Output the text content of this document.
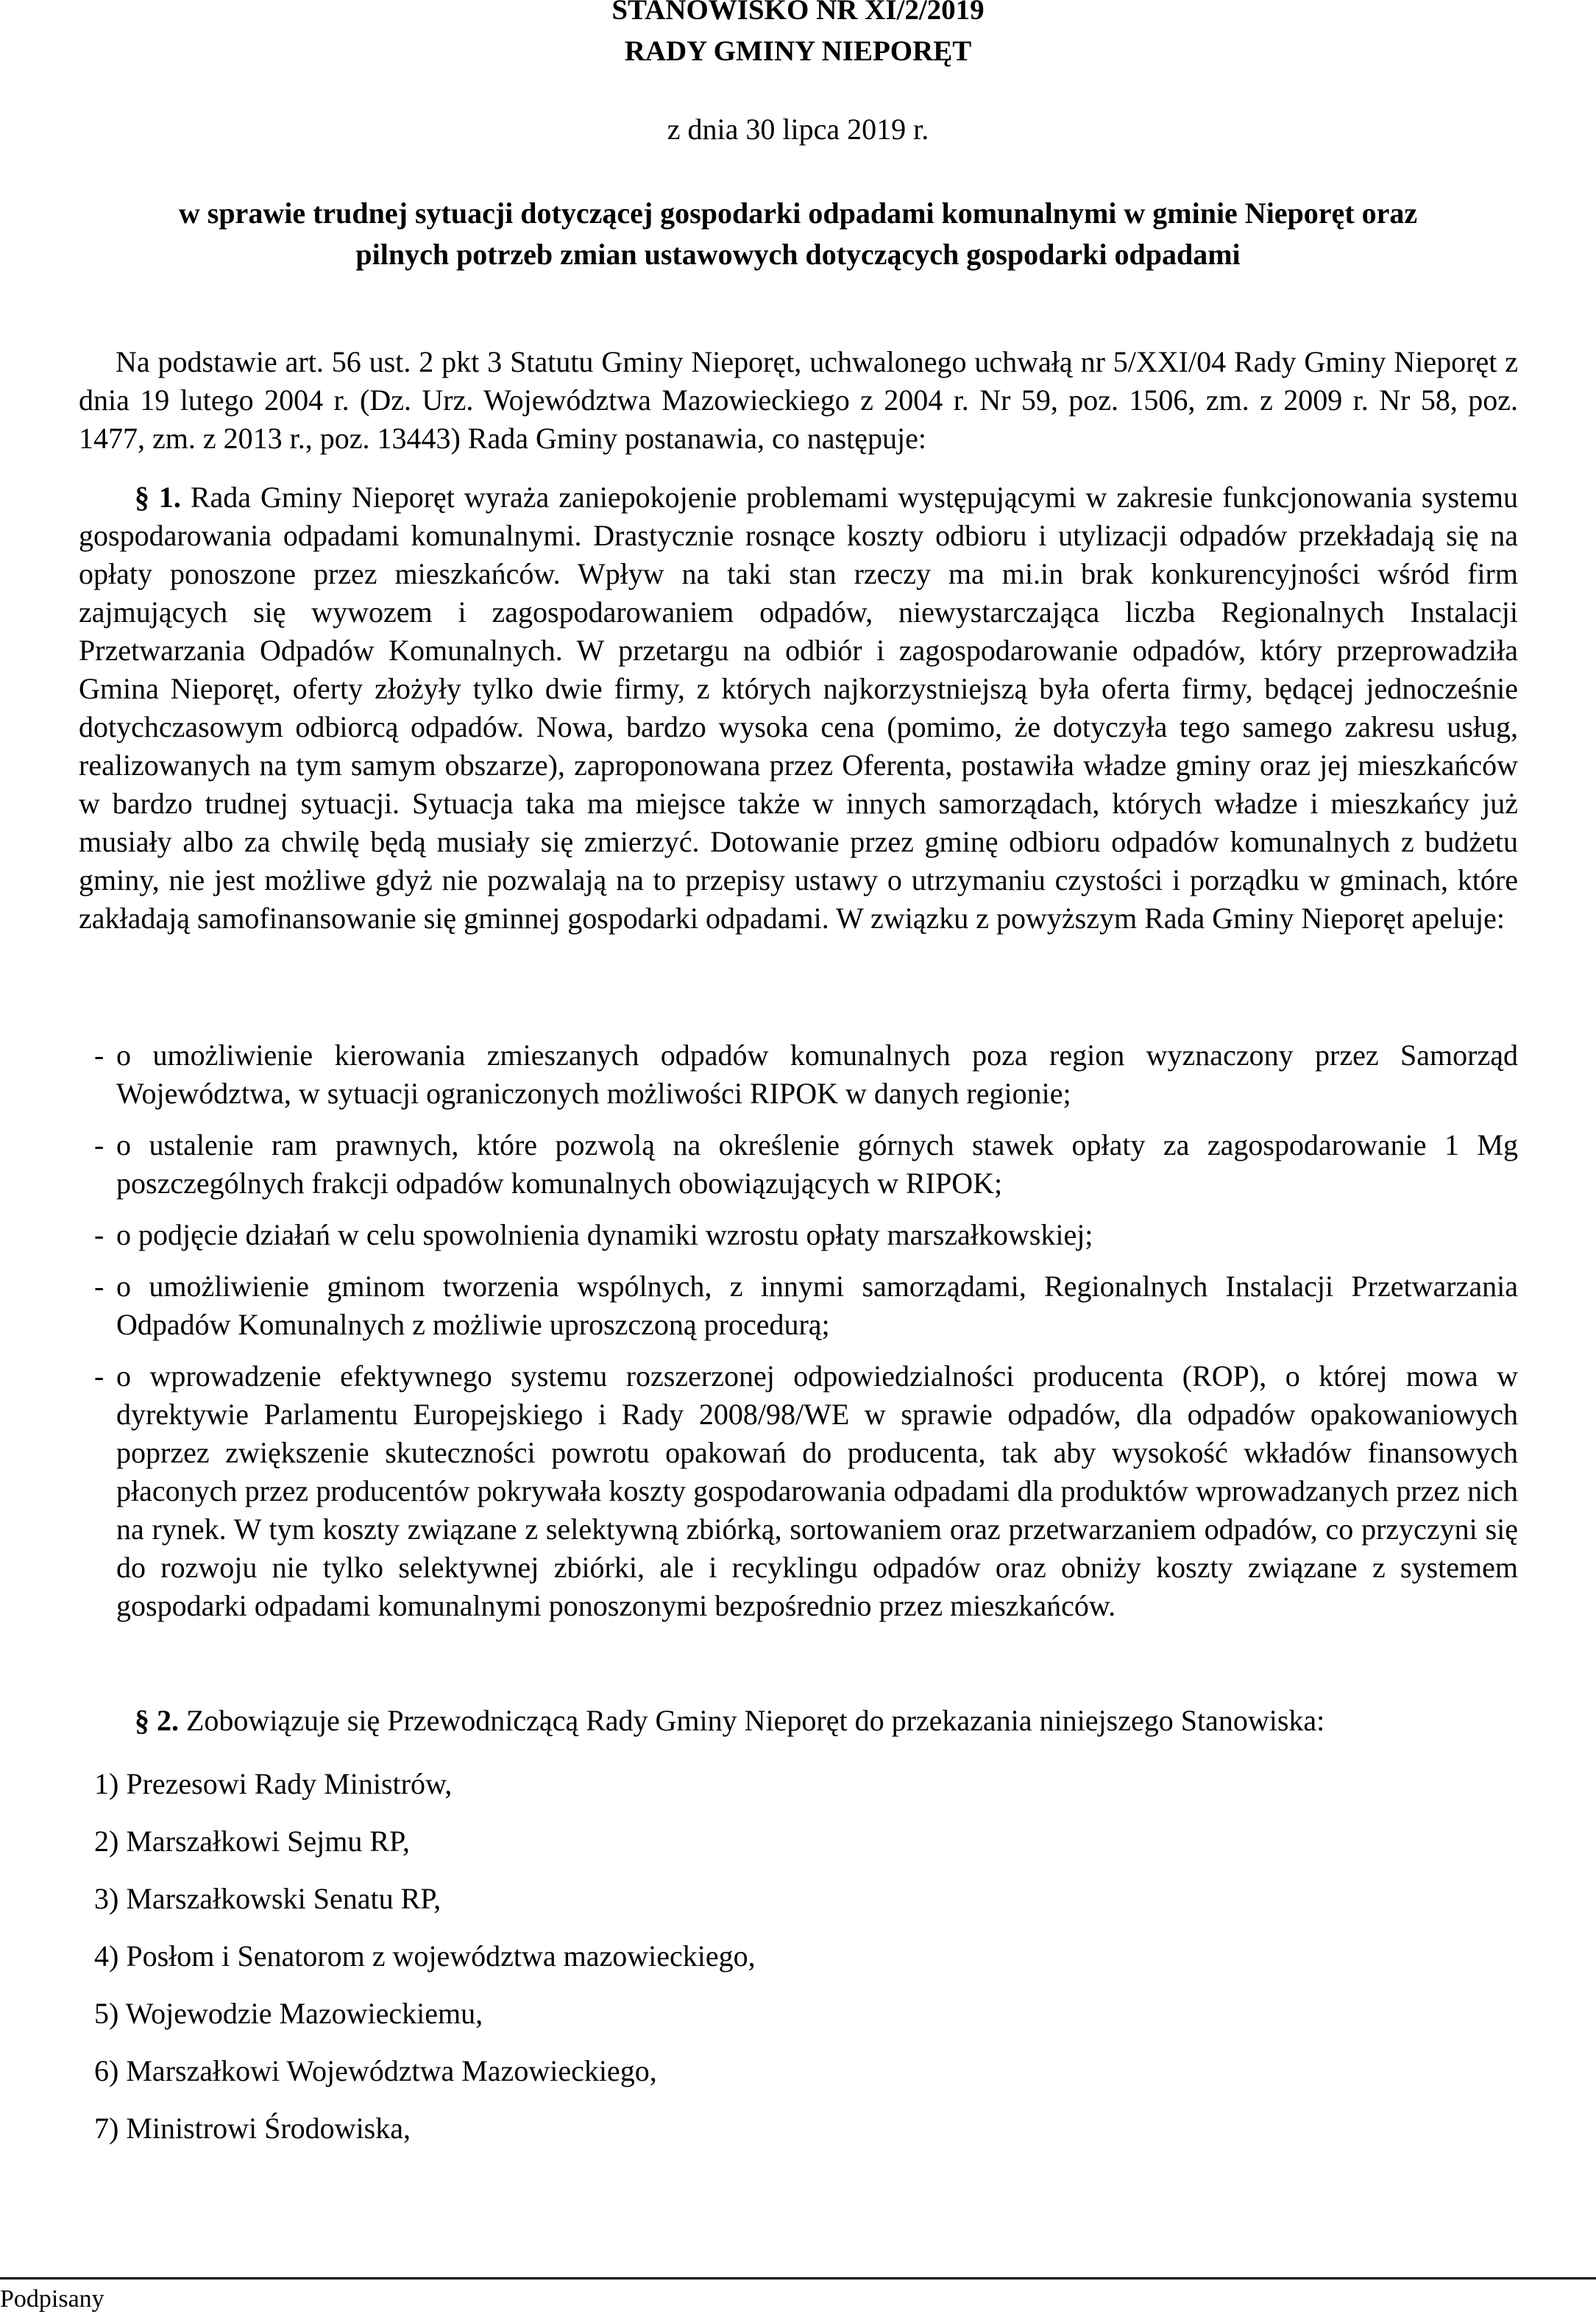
STANOWISKO NR XI/2/2019
RADY GMINY NIEPORĘT
z dnia 30 lipca 2019 r.
w sprawie trudnej sytuacji dotyczącej gospodarki odpadami komunalnymi w gminie Nieporęt oraz
pilnych potrzeb zmian ustawowych dotyczących gospodarki odpadami
Na podstawie art. 56 ust. 2 pkt 3 Statutu Gminy Nieporęt, uchwalonego uchwałą nr 5/XXI/04 Rady Gminy Nieporęt z dnia 19 lutego 2004 r. (Dz. Urz. Województwa Mazowieckiego z 2004 r. Nr 59, poz. 1506, zm. z 2009 r. Nr 58, poz. 1477, zm. z 2013 r., poz. 13443) Rada Gminy postanawia, co następuje:
§ 1. Rada Gminy Nieporęt wyraża zaniepokojenie problemami występującymi w zakresie funkcjonowania systemu gospodarowania odpadami komunalnymi. Drastycznie rosnące koszty odbioru i utylizacji odpadów przekładają się na opłaty ponoszone przez mieszkańców. Wpływ na taki stan rzeczy ma mi.in brak konkurencyjności wśród firm zajmujących się wywozem i zagospodarowaniem odpadów, niewystarczająca liczba Regionalnych Instalacji Przetwarzania Odpadów Komunalnych. W przetargu na odbiór i zagospodarowanie odpadów, który przeprowadziła Gmina Nieporęt, oferty złożyły tylko dwie firmy, z których najkorzystniejszą była oferta firmy, będącej jednocześnie dotychczasowym odbiorcą odpadów. Nowa, bardzo wysoka cena (pomimo, że dotyczyła tego samego zakresu usług, realizowanych na tym samym obszarze), zaproponowana przez Oferenta, postawiła władze gminy oraz jej mieszkańców w bardzo trudnej sytuacji. Sytuacja taka ma miejsce także w innych samorządach, których władze i mieszkańcy już musiały albo za chwilę będą musiały się zmierzyć. Dotowanie przez gminę odbioru odpadów komunalnych z budżetu gminy, nie jest możliwe gdyż nie pozwalają na to przepisy ustawy o utrzymaniu czystości i porządku w gminach, które zakładają samofinansowanie się gminnej gospodarki odpadami. W związku z powyższym Rada Gminy Nieporęt apeluje:
- o umożliwienie kierowania zmieszanych odpadów komunalnych poza region wyznaczony przez Samorząd Województwa, w sytuacji ograniczonych możliwości RIPOK w danych regionie;
- o ustalenie ram prawnych, które pozwolą na określenie górnych stawek opłaty za zagospodarowanie 1 Mg poszczególnych frakcji odpadów komunalnych obowiązujących w RIPOK;
- o podjęcie działań w celu spowolnienia dynamiki wzrostu opłaty marszałkowskiej;
- o umożliwienie gminom tworzenia wspólnych, z innymi samorządami, Regionalnych Instalacji Przetwarzania Odpadów Komunalnych z możliwie uproszczoną procedurą;
- o wprowadzenie efektywnego systemu rozszerzonej odpowiedzialności producenta (ROP), o której mowa w dyrektywie Parlamentu Europejskiego i Rady 2008/98/WE w sprawie odpadów, dla odpadów opakowaniowych poprzez zwiększenie skuteczności powrotu opakowań do producenta, tak aby wysokość wkładów finansowych płaconych przez producentów pokrywała koszty gospodarowania odpadami dla produktów wprowadzanych przez nich na rynek. W tym koszty związane z selektywną zbiórką, sortowaniem oraz przetwarzaniem odpadów, co przyczyni się do rozwoju nie tylko selektywnej zbiórki, ale i recyklingu odpadów oraz obniży koszty związane z systemem gospodarki odpadami komunalnymi ponoszonymi bezpośrednio przez mieszkańców.
§ 2. Zobowiązuje się Przewodniczącą Rady Gminy Nieporęt do przekazania niniejszego Stanowiska:
1) Prezesowi Rady Ministrów,
2) Marszałkowi Sejmu RP,
3) Marszałkowski Senatu RP,
4) Posłom i Senatorom z województwa mazowieckiego,
5) Wojewodzie Mazowieckiemu,
6) Marszałkowi Województwa Mazowieckiego,
7) Ministrowi Środowiska,
Podpisany
